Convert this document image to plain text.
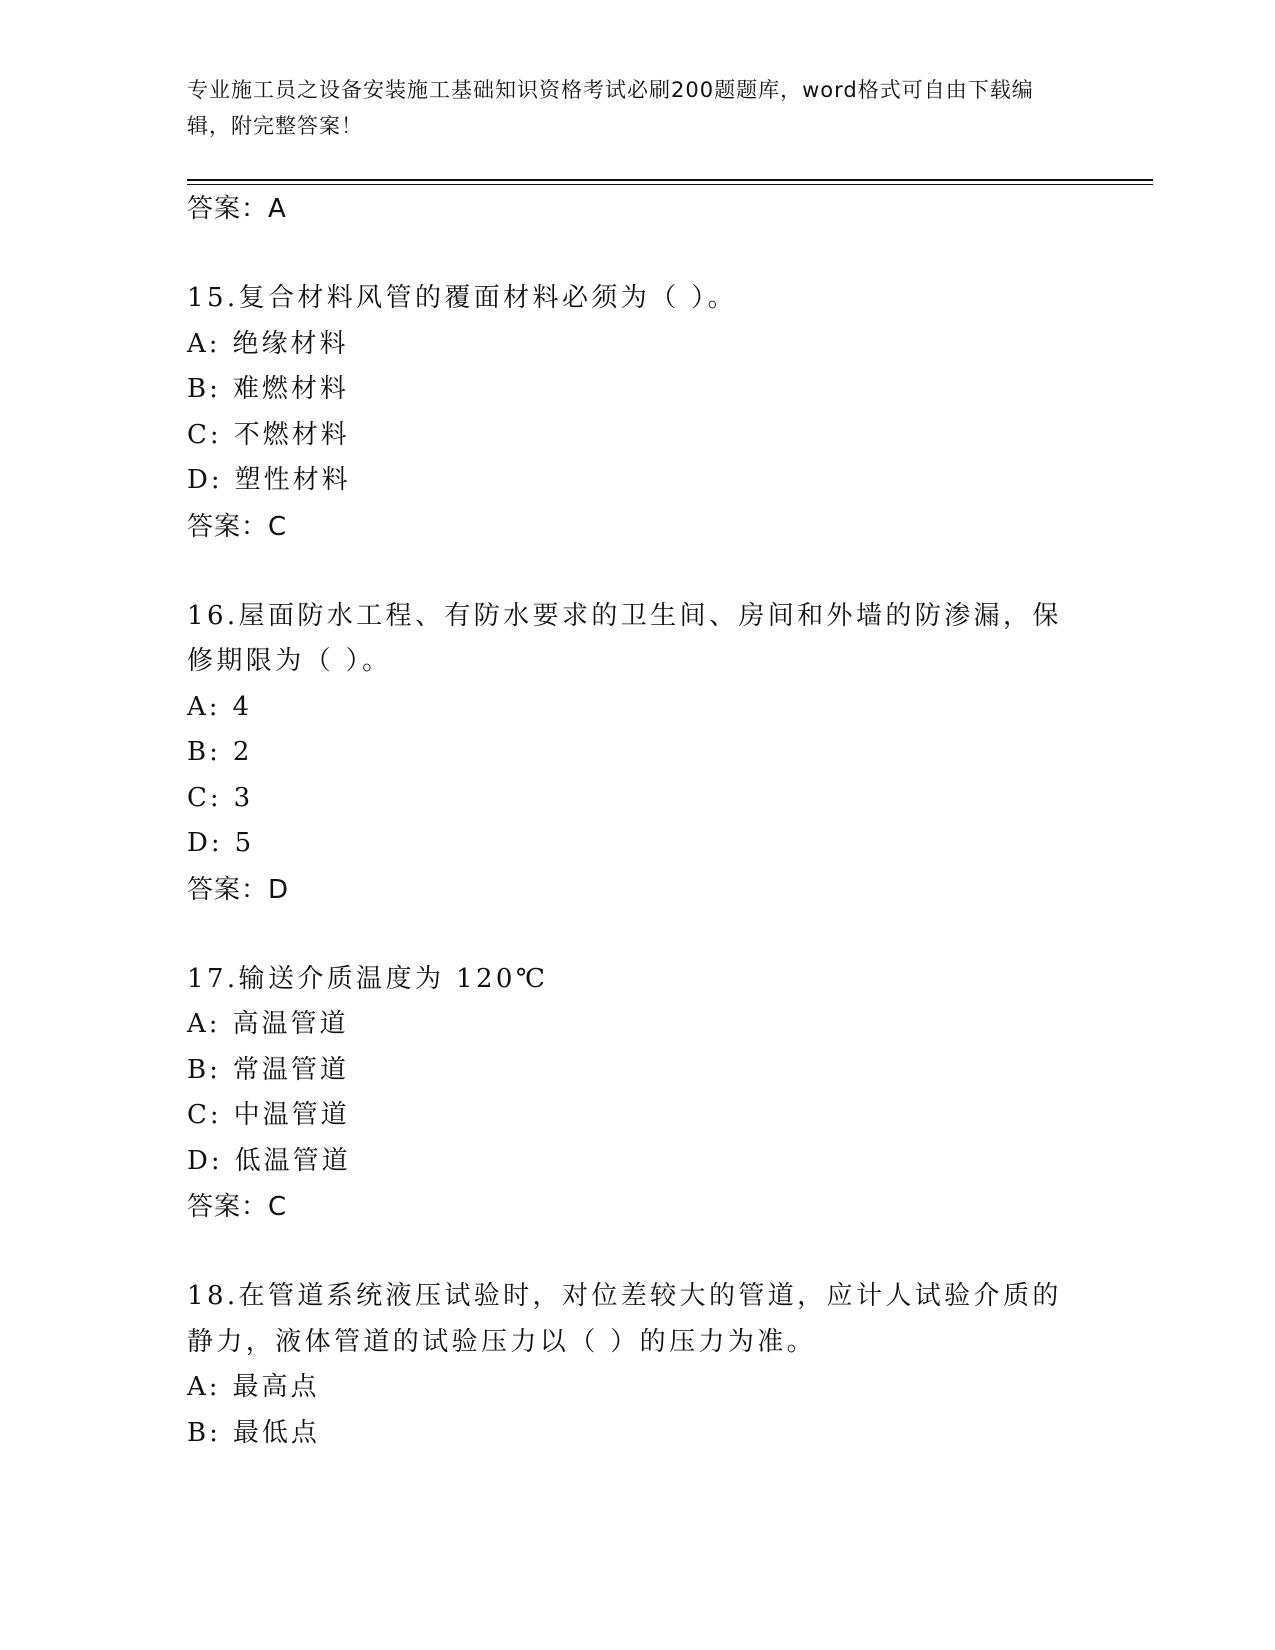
专业施工员之设备安装施工基础知识资格考试必刷200题题库，word格式可自由下载编辑，附完整答案！
答案：A

15.复合材料风管的覆面材料必须为（ ）。

A: 绝缘材料
B: 难燃材料
C: 不燃材料
D: 塑性材料
答案：C

16.屋面防水工程、有防水要求的卫生间、房间和外墙的防渗漏，保修期限为（ ）。

A: 4
B: 2
C: 3
D: 5
答案：D

17.输送介质温度为 120℃

A: 高温管道
B: 常温管道
C: 中温管道
D: 低温管道
答案：C

18.在管道系统液压试验时，对位差较大的管道，应计人试验介质的静力，液体管道的试验压力以（ ）的压力为准。

A: 最高点
B: 最低点
